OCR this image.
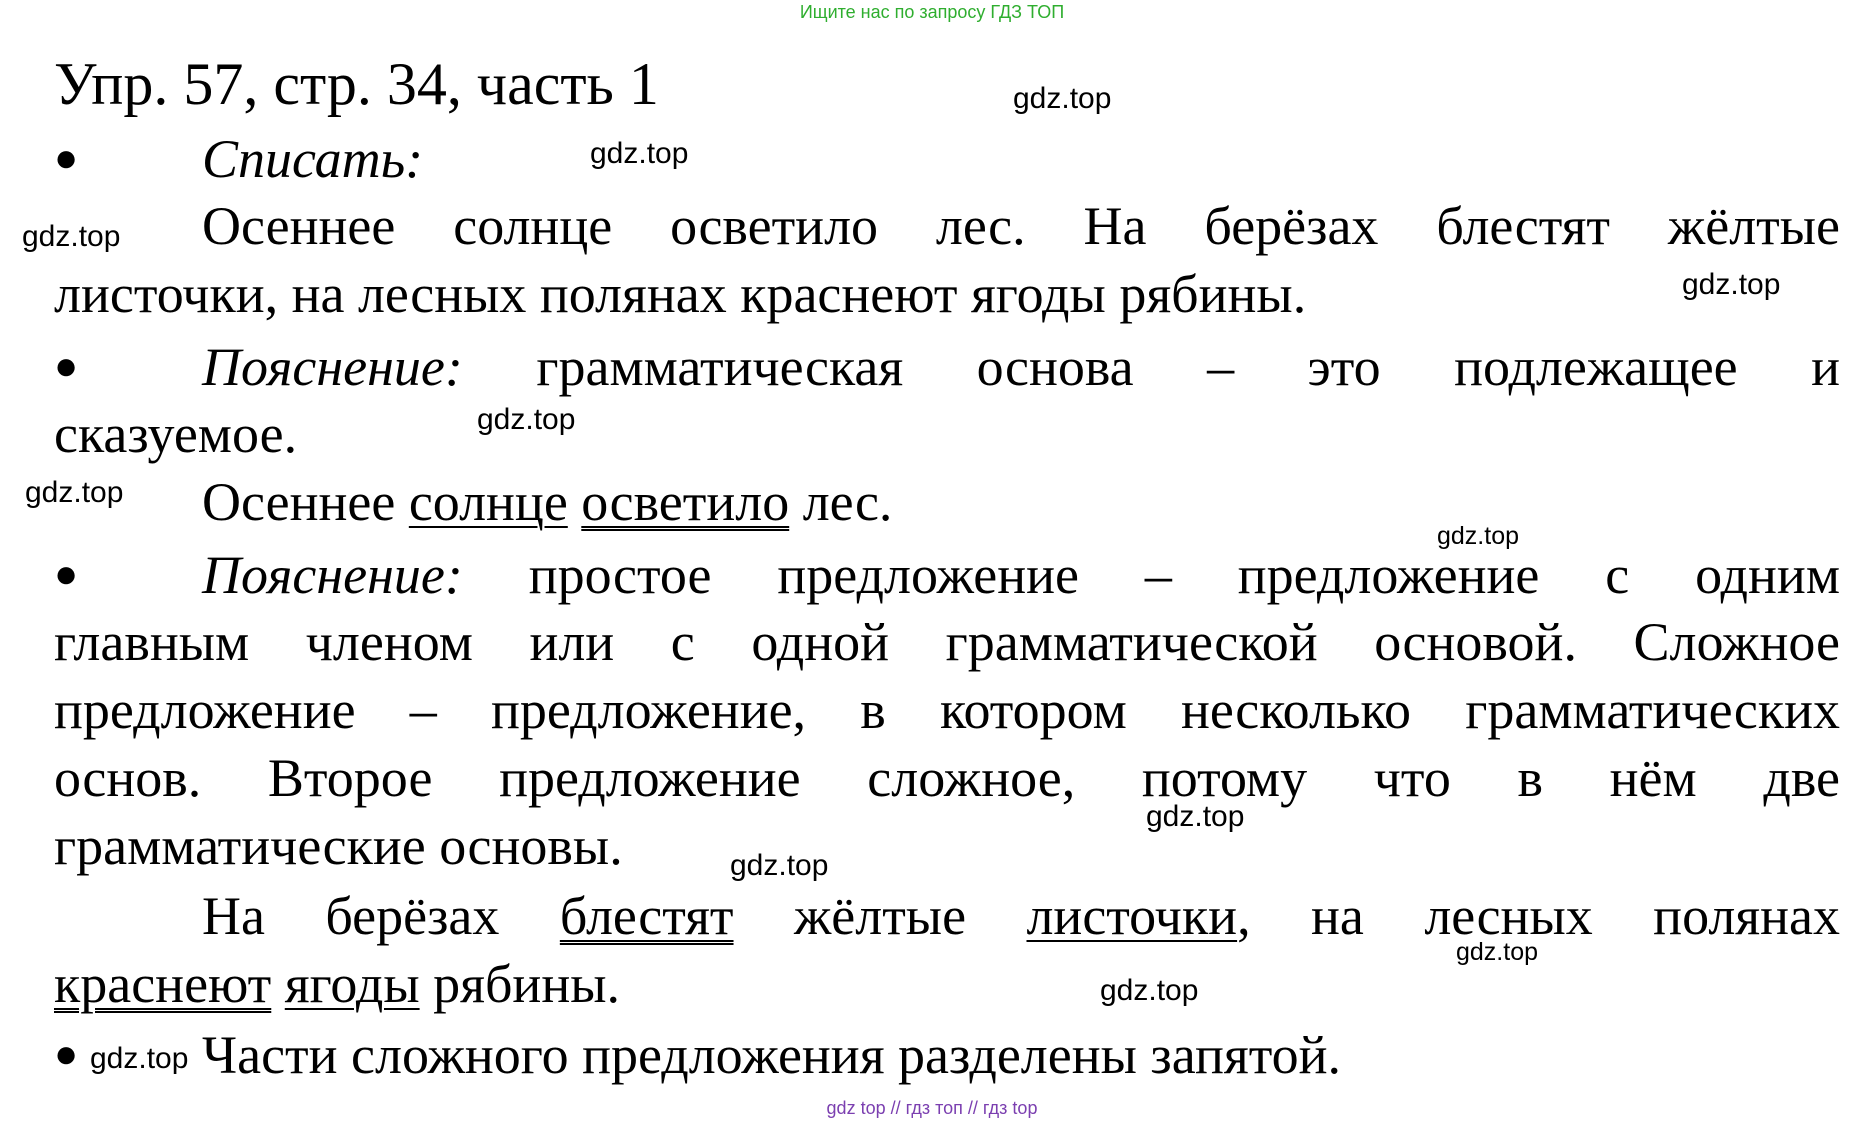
Ищите нас по запросу ГДЗ ТОП
Упр. 57, стр. 34, часть 1
● Списать:
Осеннее солнце осветило лес. На берёзах блестят жёлтые
листочки, на лесных полянах краснеют ягоды рябины.
● Пояснение: грамматическая основа – это подлежащее и
сказуемое.
Осеннее солнце осветило лес.
● Пояснение: простое предложение – предложение с одним
главным членом или с одной грамматической основой. Сложное
предложение – предложение, в котором несколько грамматических
основ. Второе предложение сложное, потому что в нём две
грамматические основы.
На берёзах блестят жёлтые листочки, на лесных полянах
краснеют ягоды рябины.
● Части сложного предложения разделены запятой.
gdz.top
gdz.top
gdz.top
gdz.top
gdz.top
gdz.top
gdz.top
gdz.top
gdz.top
gdz.top
gdz.top
gdz.top
gdz top // гдз топ // гдз top
